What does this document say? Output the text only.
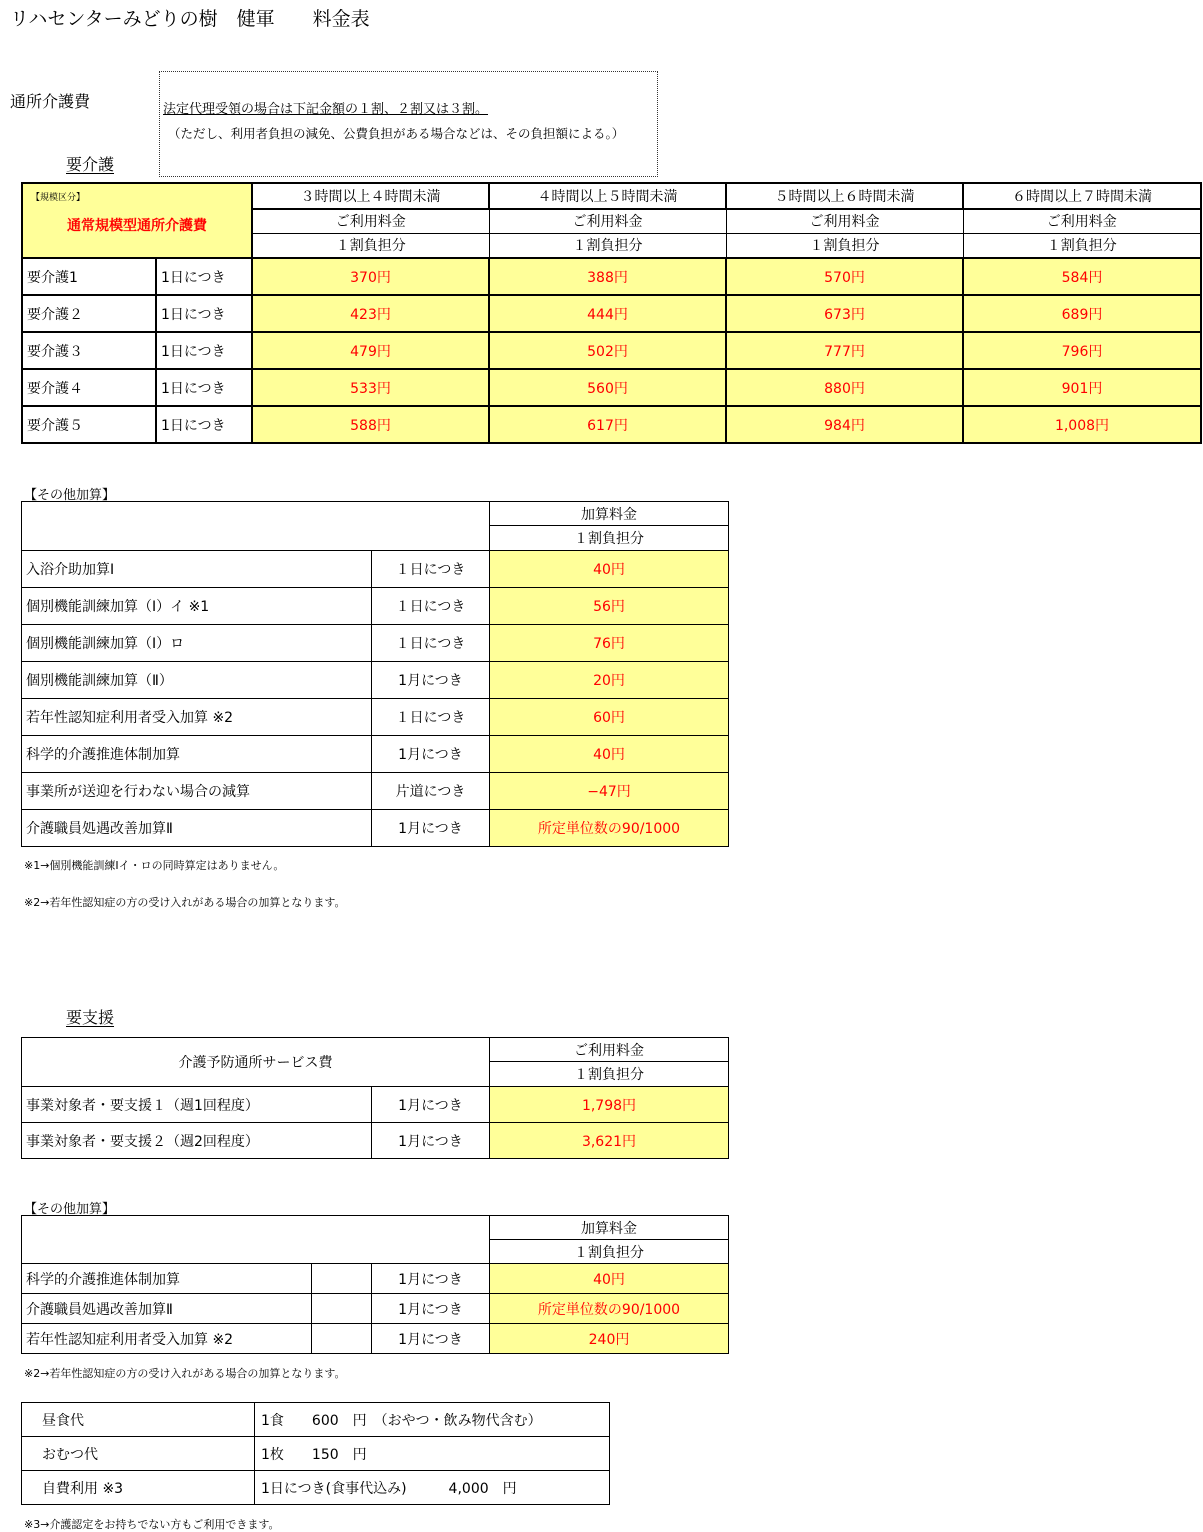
リハセンターみどりの樹　健軍　　料金表
通所介護費	法定代理受領の場合は下記金額の１割、２割又は３割。
（ただし、利用者負担の減免、公費負担がある場合などは、その負担額による。）
要介護
【規模区分】
通常規模型通所介護費		３時間以上４時間未満	４時間以上５時間未満	５時間以上６時間未満	６時間以上７時間未満
		ご利用料金	ご利用料金	ご利用料金	ご利用料金
		１割負担分	１割負担分	１割負担分	１割負担分
要介護1	1日につき	370円	388円	570円	584円
要介護２	1日につき	423円	444円	673円	689円
要介護３	1日につき	479円	502円	777円	796円
要介護４	1日につき	533円	560円	880円	901円
要介護５	1日につき	588円	617円	984円	1,008円
【その他加算】
		加算料金
		１割負担分
入浴介助加算Ⅰ	１日につき	40円
個別機能訓練加算（Ⅰ）イ ※1	１日につき	56円
個別機能訓練加算（Ⅰ）ロ	１日につき	76円
個別機能訓練加算（Ⅱ）	1月につき	20円
若年性認知症利用者受入加算 ※2	１日につき	60円
科学的介護推進体制加算	1月につき	40円
事業所が送迎を行わない場合の減算	片道につき	−47円
介護職員処遇改善加算Ⅱ	1月につき	所定単位数の90/1000
※1→個別機能訓練Ⅰイ・ロの同時算定はありません。
※2→若年性認知症の方の受け入れがある場合の加算となります。
要支援
介護予防通所サービス費		ご利用料金
		１割負担分
事業対象者・要支援１（週1回程度）	1月につき	1,798円
事業対象者・要支援２（週2回程度）	1月につき	3,621円
【その他加算】
			加算料金
			１割負担分
科学的介護推進体制加算		1月につき	40円
介護職員処遇改善加算Ⅱ		1月につき	所定単位数の90/1000
若年性認知症利用者受入加算 ※2		1月につき	240円
※2→若年性認知症の方の受け入れがある場合の加算となります。
昼食代	1食　　600　円　（おやつ・飲み物代含む）
おむつ代	1枚　　150　円
自費利用 ※3	1日につき(食事代込み)　　　4,000　円
※3→介護認定をお持ちでない方もご利用できます。
